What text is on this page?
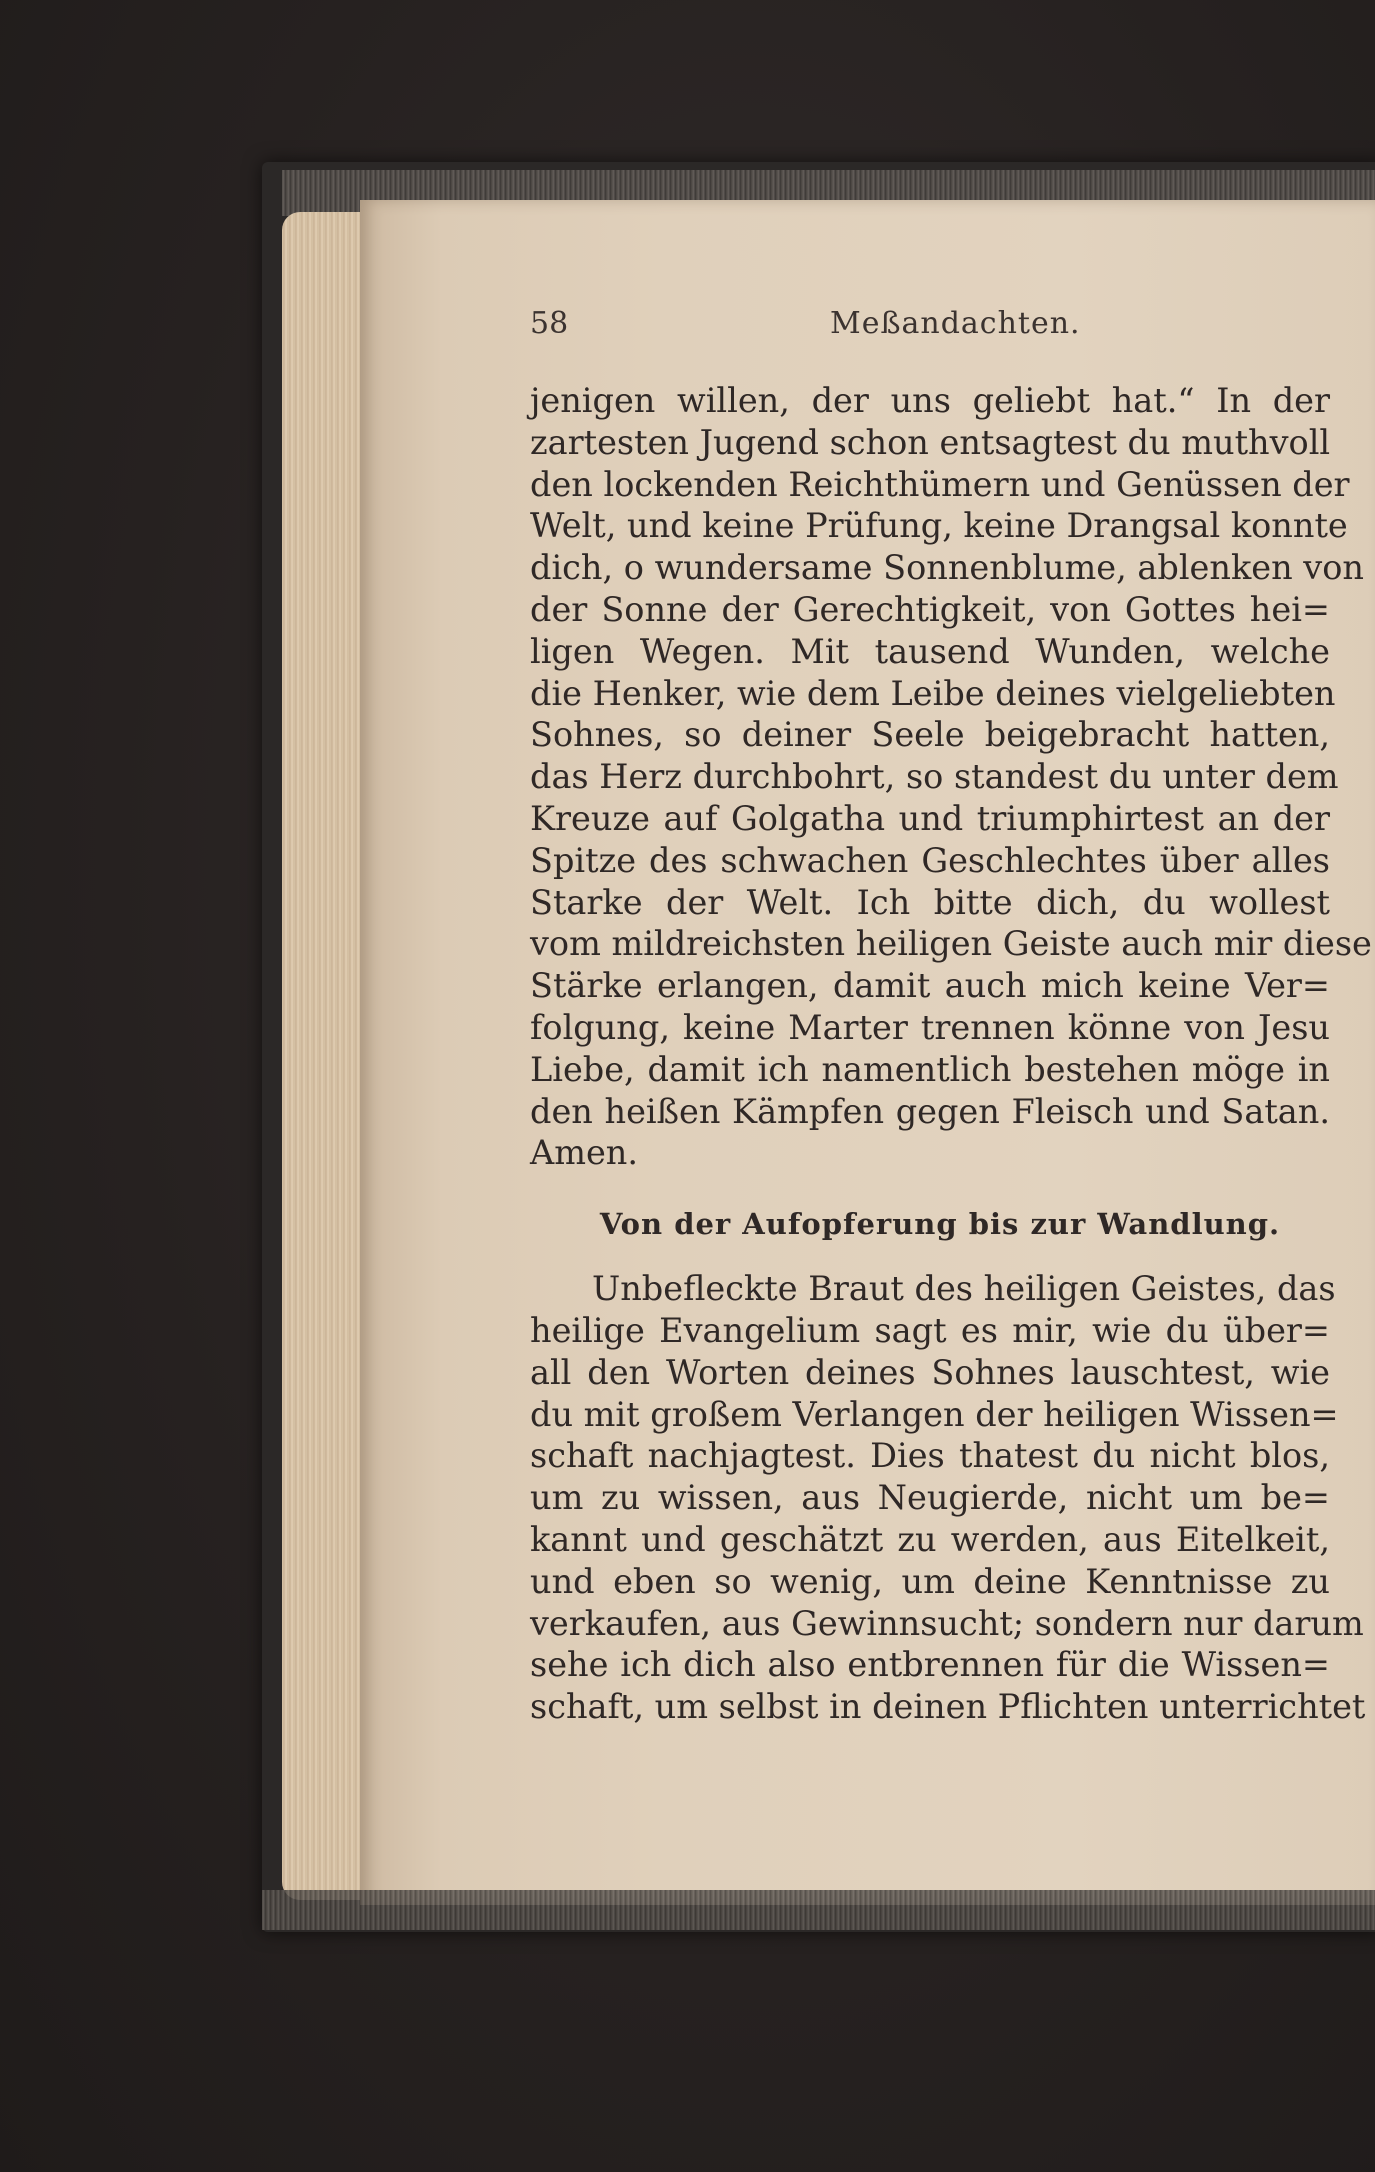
58	Meßandachten.
jenigen willen, der uns geliebt hat.“ In der
zartesten Jugend schon entsagtest du muthvoll
den lockenden Reichthümern und Genüssen der
Welt, und keine Prüfung, keine Drangsal konnte
dich, o wundersame Sonnenblume, ablenken von
der Sonne der Gerechtigkeit, von Gottes hei=
ligen Wegen. Mit tausend Wunden, welche
die Henker, wie dem Leibe deines vielgeliebten
Sohnes, so deiner Seele beigebracht hatten,
das Herz durchbohrt, so standest du unter dem
Kreuze auf Golgatha und triumphirtest an der
Spitze des schwachen Geschlechtes über alles
Starke der Welt. Ich bitte dich, du wollest
vom mildreichsten heiligen Geiste auch mir diese
Stärke erlangen, damit auch mich keine Ver=
folgung, keine Marter trennen könne von Jesu
Liebe, damit ich namentlich bestehen möge in
den heißen Kämpfen gegen Fleisch und Satan.
Amen.
Von der Aufopferung bis zur Wandlung.
Unbefleckte Braut des heiligen Geistes, das
heilige Evangelium sagt es mir, wie du über=
all den Worten deines Sohnes lauschtest, wie
du mit großem Verlangen der heiligen Wissen=
schaft nachjagtest. Dies thatest du nicht blos,
um zu wissen, aus Neugierde, nicht um be=
kannt und geschätzt zu werden, aus Eitelkeit,
und eben so wenig, um deine Kenntnisse zu
verkaufen, aus Gewinnsucht; sondern nur darum
sehe ich dich also entbrennen für die Wissen=
schaft, um selbst in deinen Pflichten unterrichtet
